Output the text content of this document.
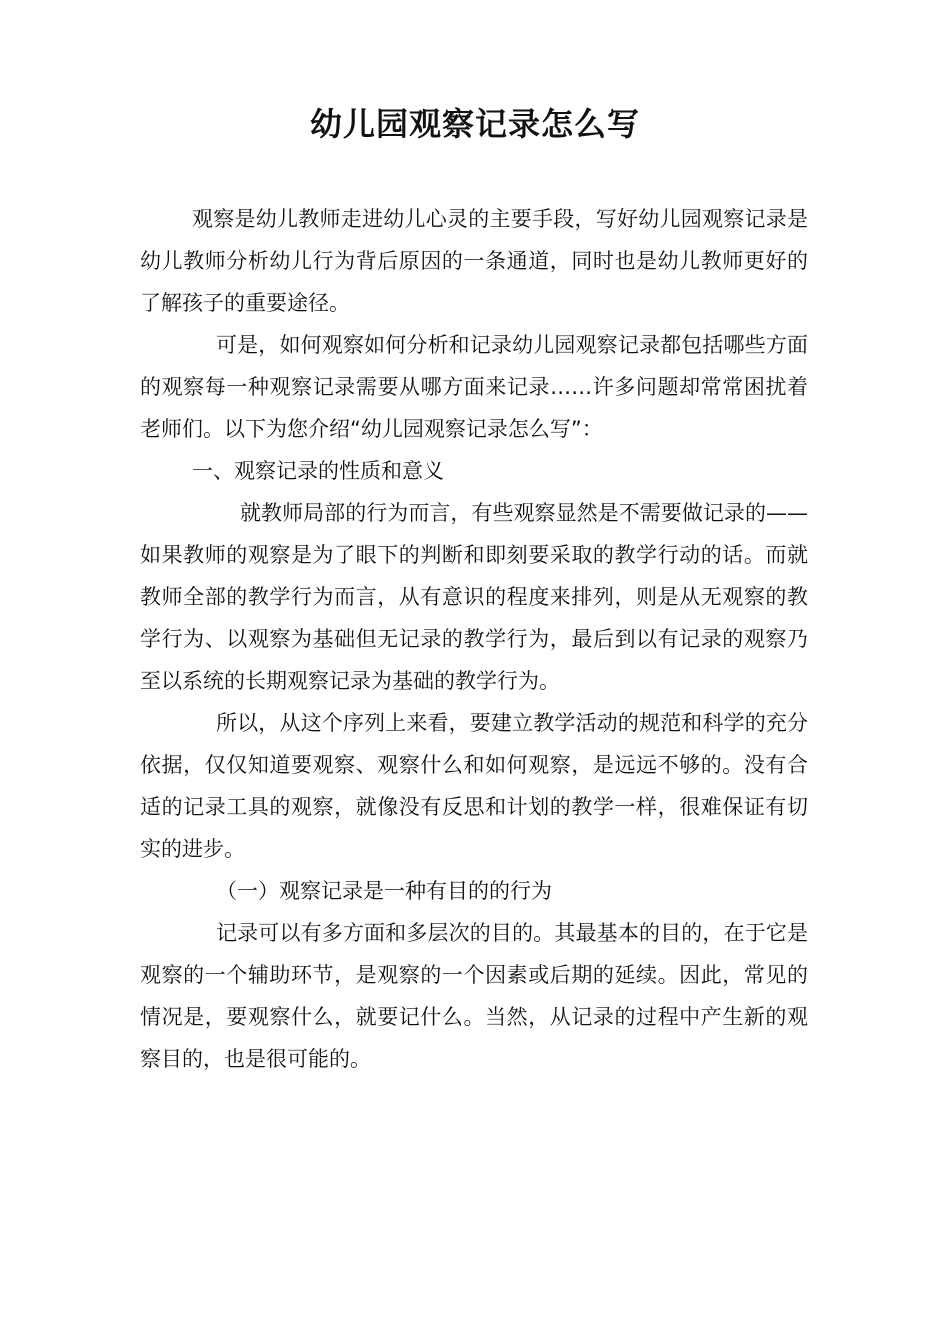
幼儿园观察记录怎么写

观察是幼儿教师走进幼儿心灵的主要手段，写好幼儿园观察记录是幼儿教师分析幼儿行为背后原因的一条通道，同时也是幼儿教师更好的了解孩子的重要途径。

可是，如何观察如何分析和记录幼儿园观察记录都包括哪些方面的观察每一种观察记录需要从哪方面来记录……许多问题却常常困扰着老师们。以下为您介绍“幼儿园观察记录怎么写”：

一、观察记录的性质和意义

就教师局部的行为而言，有些观察显然是不需要做记录的——如果教师的观察是为了眼下的判断和即刻要采取的教学行动的话。而就教师全部的教学行为而言，从有意识的程度来排列，则是从无观察的教学行为、以观察为基础但无记录的教学行为，最后到以有记录的观察乃至以系统的长期观察记录为基础的教学行为。

所以，从这个序列上来看，要建立教学活动的规范和科学的充分依据，仅仅知道要观察、观察什么和如何观察，是远远不够的。没有合适的记录工具的观察，就像没有反思和计划的教学一样，很难保证有切实的进步。

（一）观察记录是一种有目的的行为

记录可以有多方面和多层次的目的。其最基本的目的，在于它是观察的一个辅助环节，是观察的一个因素或后期的延续。因此，常见的情况是，要观察什么，就要记什么。当然，从记录的过程中产生新的观察目的，也是很可能的。
